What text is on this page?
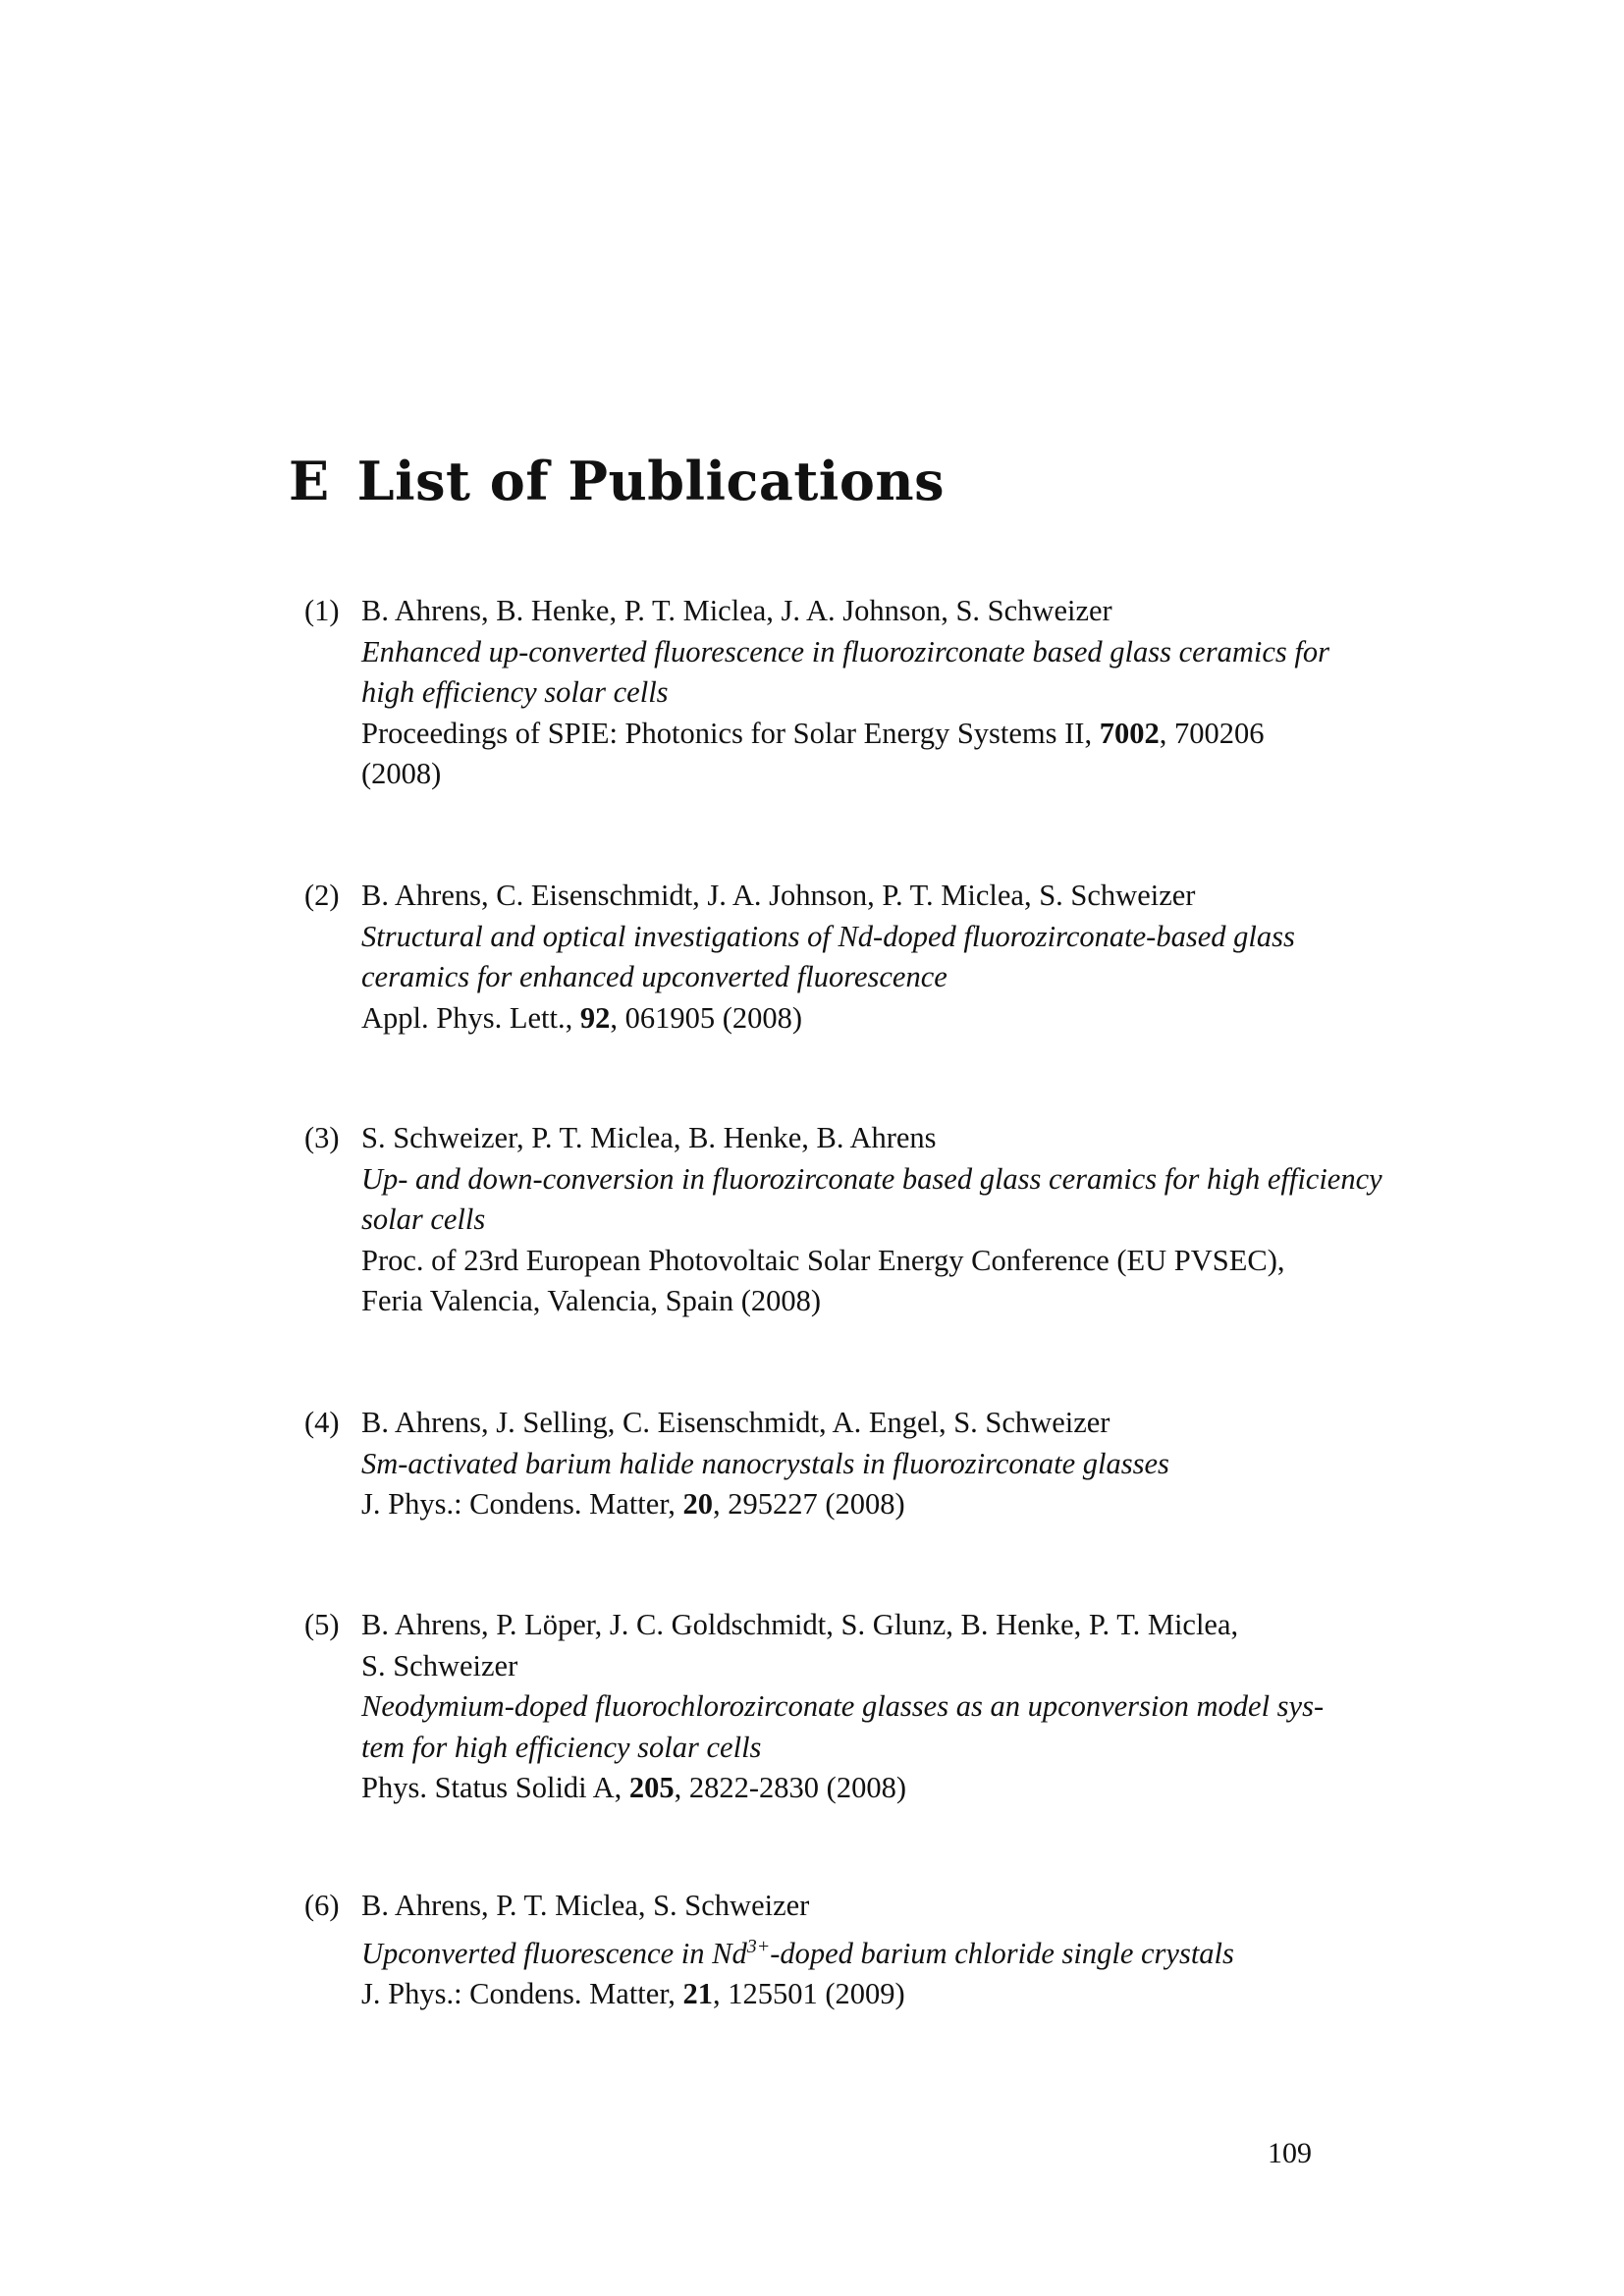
E List of Publications
(1) B. Ahrens, B. Henke, P. T. Miclea, J. A. Johnson, S. Schweizer
Enhanced up-converted fluorescence in fluorozirconate based glass ceramics for
high efficiency solar cells
Proceedings of SPIE: Photonics for Solar Energy Systems II, 7002, 700206
(2008)
(2) B. Ahrens, C. Eisenschmidt, J. A. Johnson, P. T. Miclea, S. Schweizer
Structural and optical investigations of Nd-doped fluorozirconate-based glass
ceramics for enhanced upconverted fluorescence
Appl. Phys. Lett., 92, 061905 (2008)
(3) S. Schweizer, P. T. Miclea, B. Henke, B. Ahrens
Up- and down-conversion in fluorozirconate based glass ceramics for high efficiency
solar cells
Proc. of 23rd European Photovoltaic Solar Energy Conference (EU PVSEC),
Feria Valencia, Valencia, Spain (2008)
(4) B. Ahrens, J. Selling, C. Eisenschmidt, A. Engel, S. Schweizer
Sm-activated barium halide nanocrystals in fluorozirconate glasses
J. Phys.: Condens. Matter, 20, 295227 (2008)
(5) B. Ahrens, P. Löper, J. C. Goldschmidt, S. Glunz, B. Henke, P. T. Miclea,
S. Schweizer
Neodymium-doped fluorochlorozirconate glasses as an upconversion model sys-
tem for high efficiency solar cells
Phys. Status Solidi A, 205, 2822-2830 (2008)
(6) B. Ahrens, P. T. Miclea, S. Schweizer
Upconverted fluorescence in $Nd^{3+}$-doped barium chloride single crystals
J. Phys.: Condens. Matter, 21, 125501 (2009)
109
